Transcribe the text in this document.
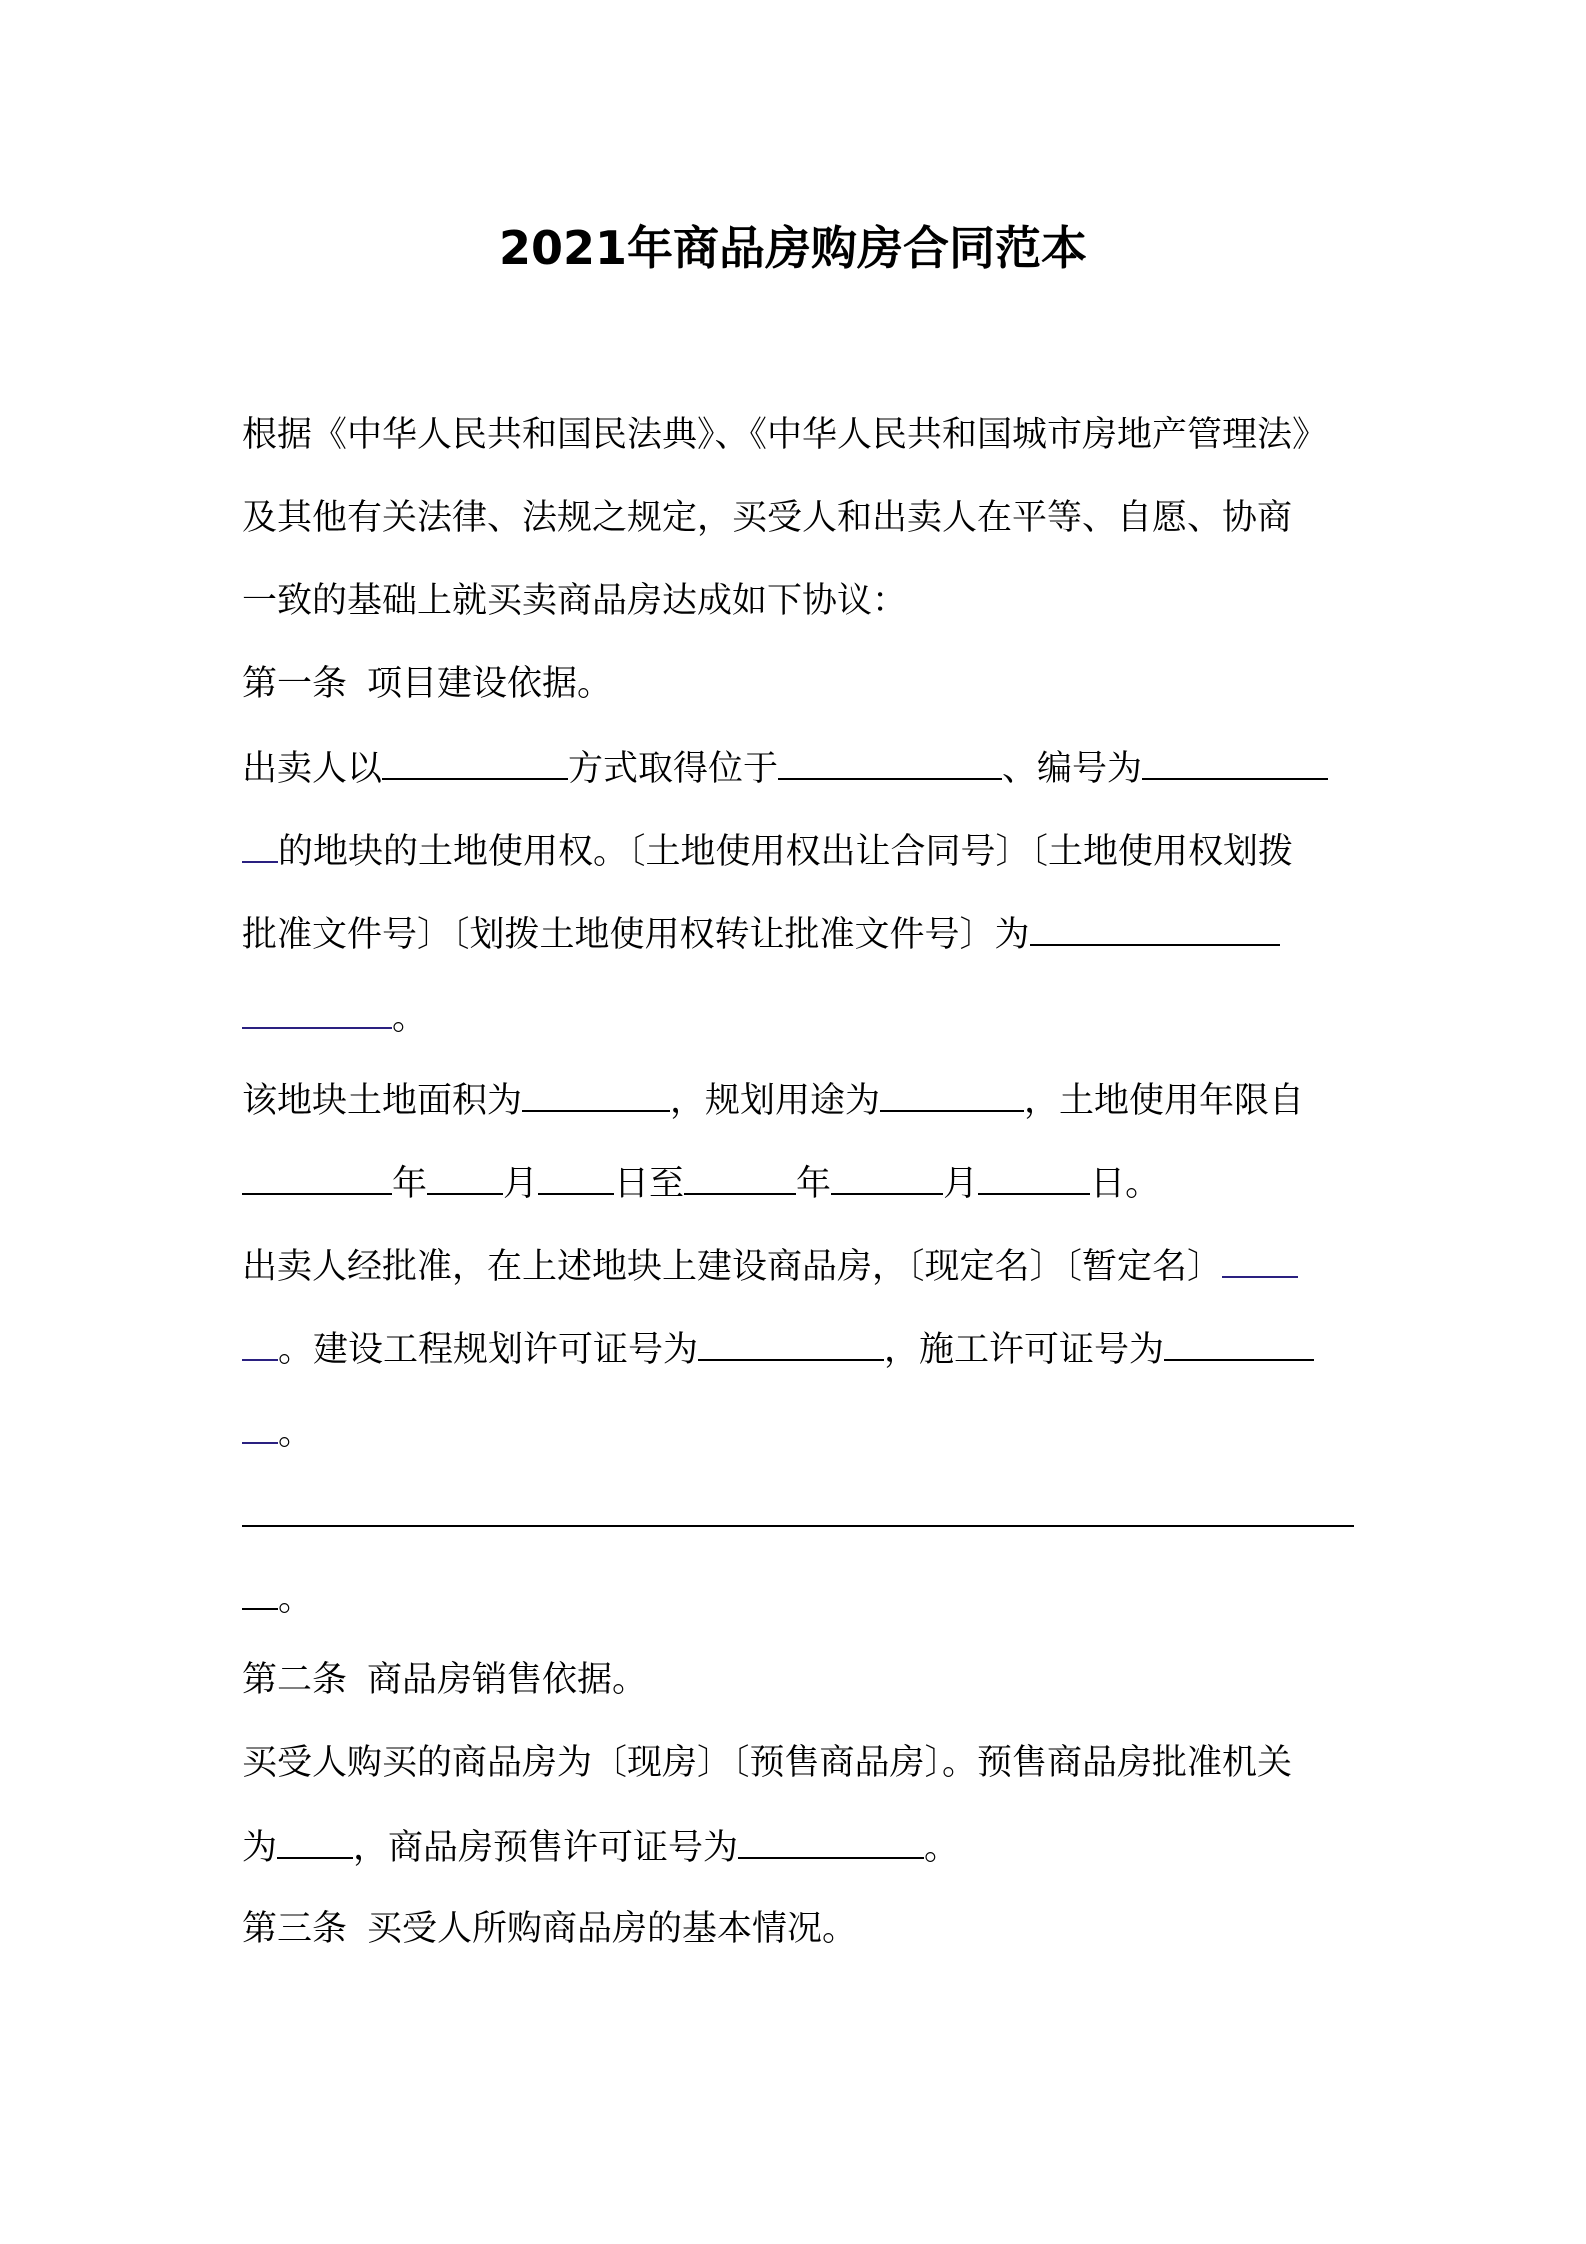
2021年商品房购房合同范本
根据《中华人民共和国民法典》、《中华人民共和国城市房地产管理法》
及其他有关法律、法规之规定，买受人和出卖人在平等、自愿、协商
一致的基础上就买卖商品房达成如下协议：
第一条 项目建设依据。
出卖人以	方式取得位于	、编号为
的地块的土地使用权。〔土地使用权出让合同号〕〔土地使用权划拨
批准文件号〕〔划拨土地使用权转让批准文件号〕为
。
该地块土地面积为	，规划用途为	，土地使用年限自
年 月 日至	年	月	日。
出卖人经批准，在上述地块上建设商品房，〔现定名〕〔暂定名〕
。建设工程规划许可证号为	，施工许可证号为
。
。
第二条 商品房销售依据。
买受人购买的商品房为〔现房〕〔预售商品房〕。预售商品房批准机关
为 ，商品房预售许可证号为	。
第三条 买受人所购商品房的基本情况。
